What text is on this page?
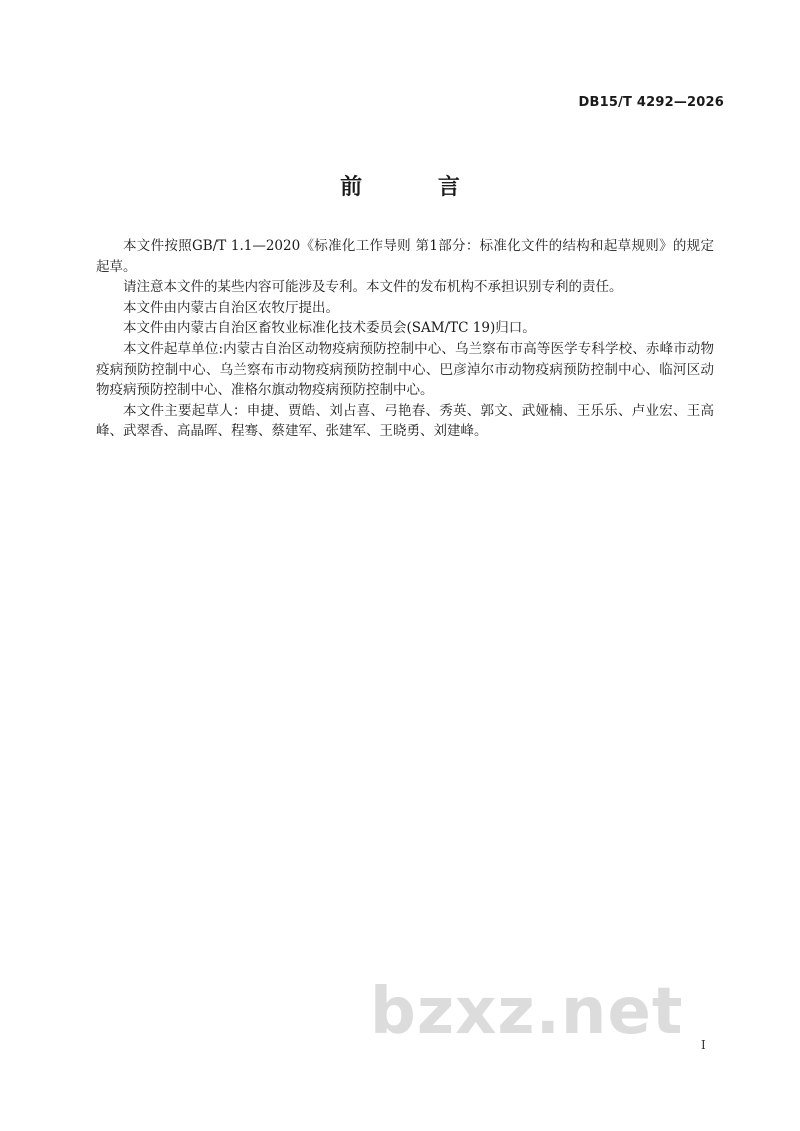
DB15/T 4292—2026
前 言

本文件按照GB/T 1.1—2020《标准化工作导则 第1部分：标准化文件的结构和起草规则》的规定起草。

请注意本文件的某些内容可能涉及专利。本文件的发布机构不承担识别专利的责任。

本文件由内蒙古自治区农牧厅提出。

本文件由内蒙古自治区畜牧业标准化技术委员会(SAM/TC 19)归口。

本文件起草单位:内蒙古自治区动物疫病预防控制中心、乌兰察布市高等医学专科学校、赤峰市动物疫病预防控制中心、乌兰察布市动物疫病预防控制中心、巴彦淖尔市动物疫病预防控制中心、临河区动物疫病预防控制中心、准格尔旗动物疫病预防控制中心。

本文件主要起草人：申捷、贾皓、刘占喜、弓艳春、秀英、郭文、武娅楠、王乐乐、卢业宏、王高峰、武翠香、高晶晖、程骞、蔡建军、张建军、王晓勇、刘建峰。

bzxz.net I
